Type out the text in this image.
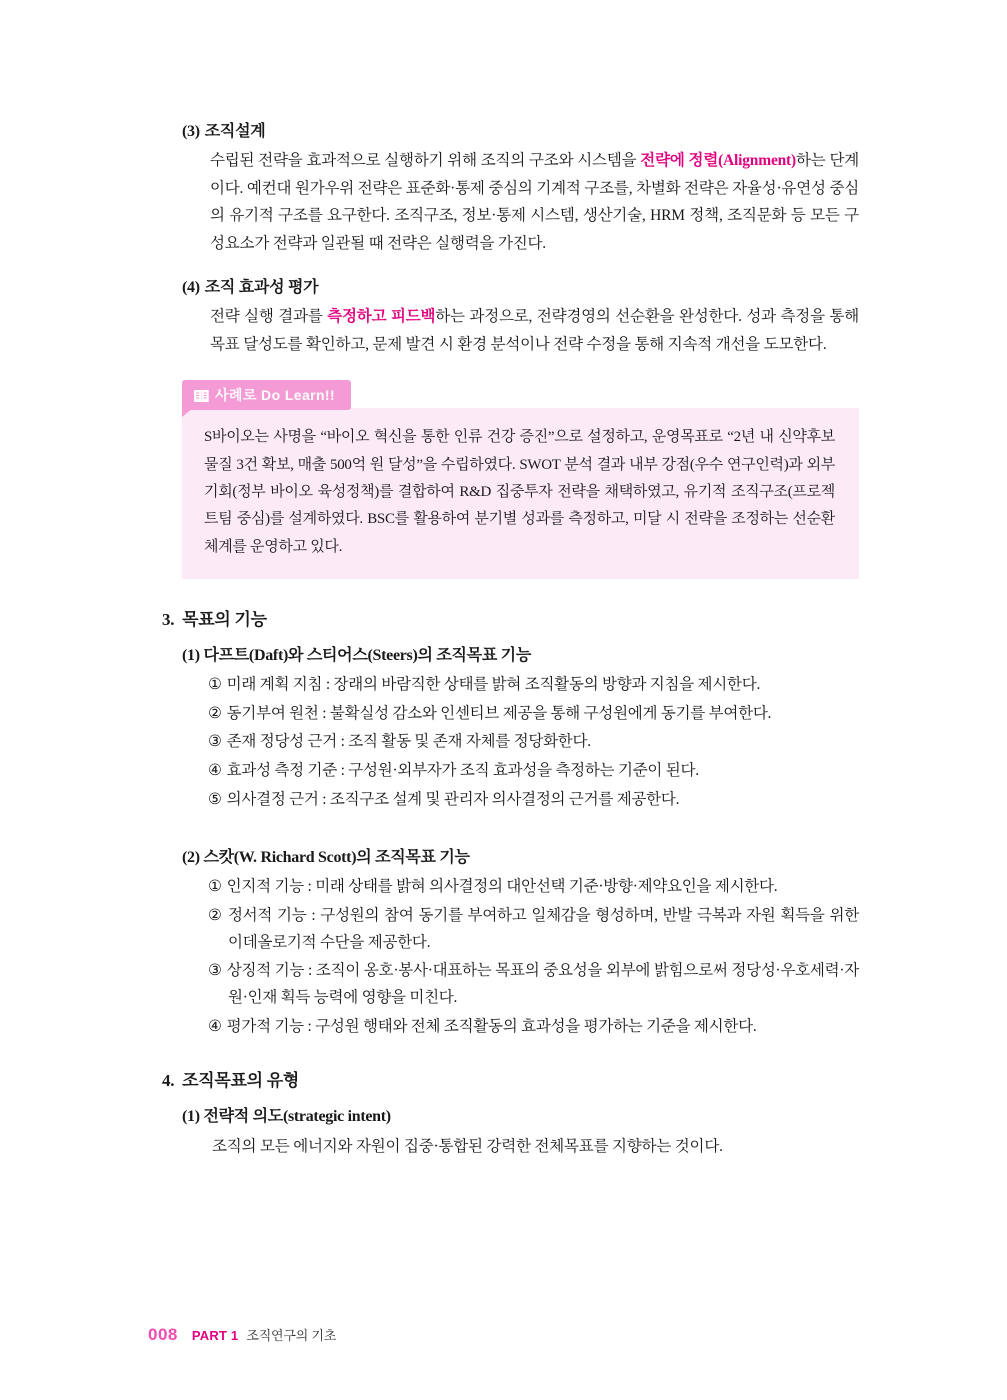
(3) 조직설계
수립된 전략을 효과적으로 실행하기 위해 조직의 구조와 시스템을 전략에 정렬(Alignment)하는 단계이다. 예컨대 원가우위 전략은 표준화·통제 중심의 기계적 구조를, 차별화 전략은 자율성·유연성 중심의 유기적 구조를 요구한다. 조직구조, 정보·통제 시스템, 생산기술, HRM 정책, 조직문화 등 모든 구성요소가 전략과 일관될 때 전략은 실행력을 가진다.
(4) 조직 효과성 평가
전략 실행 결과를 측정하고 피드백하는 과정으로, 전략경영의 선순환을 완성한다. 성과 측정을 통해 목표 달성도를 확인하고, 문제 발견 시 환경 분석이나 전략 수정을 통해 지속적 개선을 도모한다.
사례로 Do Learn!!
S바이오는 사명을 “바이오 혁신을 통한 인류 건강 증진”으로 설정하고, 운영목표로 “2년 내 신약후보물질 3건 확보, 매출 500억 원 달성”을 수립하였다. SWOT 분석 결과 내부 강점(우수 연구인력)과 외부 기회(정부 바이오 육성정책)를 결합하여 R&D 집중투자 전략을 채택하였고, 유기적 조직구조(프로젝트팀 중심)를 설계하였다. BSC를 활용하여 분기별 성과를 측정하고, 미달 시 전략을 조정하는 선순환 체계를 운영하고 있다.
3. 목표의 기능
(1) 다프트(Daft)와 스티어스(Steers)의 조직목표 기능
① 미래 계획 지침 : 장래의 바람직한 상태를 밝혀 조직활동의 방향과 지침을 제시한다.
② 동기부여 원천 : 불확실성 감소와 인센티브 제공을 통해 구성원에게 동기를 부여한다.
③ 존재 정당성 근거 : 조직 활동 및 존재 자체를 정당화한다.
④ 효과성 측정 기준 : 구성원·외부자가 조직 효과성을 측정하는 기준이 된다.
⑤ 의사결정 근거 : 조직구조 설계 및 관리자 의사결정의 근거를 제공한다.
(2) 스캇(W. Richard Scott)의 조직목표 기능
① 인지적 기능 : 미래 상태를 밝혀 의사결정의 대안선택 기준·방향·제약요인을 제시한다.
② 정서적 기능 : 구성원의 참여 동기를 부여하고 일체감을 형성하며, 반발 극복과 자원 획득을 위한 이데올로기적 수단을 제공한다.
③ 상징적 기능 : 조직이 옹호·봉사·대표하는 목표의 중요성을 외부에 밝힘으로써 정당성·우호세력·자원·인재 획득 능력에 영향을 미친다.
④ 평가적 기능 : 구성원 행태와 전체 조직활동의 효과성을 평가하는 기준을 제시한다.
4. 조직목표의 유형
(1) 전략적 의도(strategic intent)
조직의 모든 에너지와 자원이 집중·통합된 강력한 전체목표를 지향하는 것이다.
008 PART 1 조직연구의 기초
